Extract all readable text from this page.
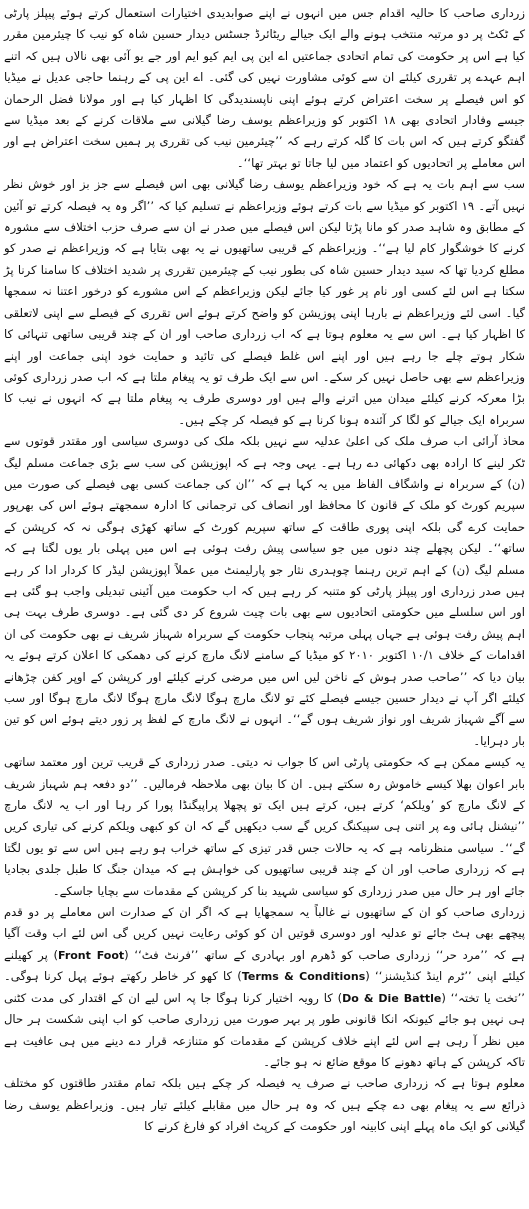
زرداری صاحب کا حالیہ اقدام جس میں انہوں نے اپنے صوابدیدی اختیارات استعمال کرتے ہوئے پیپلز پارٹی کے ٹکٹ پر دو مرتبہ منتخب ہونے والے ایک جیالے ریٹائرڈ جسٹس دیدار حسین شاہ کو نیب کا چیئرمین مقرر کیا ہے اس پر حکومت کی تمام اتحادی جماعتیں اے این پی ایم کیو ایم اور جے یو آئی بھی نالاں ہیں کہ اتنے اہم عہدے پر تقرری کیلئے ان سے کوئی مشاورت نہیں کی گئی۔ اے این پی کے رہنما حاجی عدیل نے میڈیا کو اس فیصلے پر سخت اعتراض کرتے ہوئے اپنی ناپسندیدگی کا اظہار کیا ہے اور مولانا فضل الرحمان جیسے وفادار اتحادی بھی ۱۸ اکتوبر کو وزیراعظم یوسف رضا گیلانی سے ملاقات کرنے کے بعد میڈیا سے گفتگو کرتے ہیں کہ اس بات کا گلہ کرتے رہے کہ ’’چیئرمین نیب کی تقرری پر ہمیں سخت اعتراض ہے اور اس معاملے پر اتحادیوں کو اعتماد میں لیا جاتا تو بہتر تھا‘‘۔

سب سے اہم بات یہ ہے کہ خود وزیراعظم یوسف رضا گیلانی بھی اس فیصلے سے جز بز اور خوش نظر نہیں آتے۔ ۱۹ اکتوبر کو میڈیا سے بات کرتے ہوئے وزیراعظم نے تسلیم کیا کہ ’’اگر وہ یہ فیصلہ کرتے تو آئین کے مطابق وہ شاہد صدر کو مانا پڑتا لیکن اس فیصلے میں صدر نے ان سے صرف حزب اختلاف سے مشورہ کرنے کا خوشگوار کام لیا ہے‘‘۔ وزیراعظم کے قریبی ساتھیوں نے یہ بھی بتایا ہے کہ وزیراعظم نے صدر کو مطلع کردیا تھا کہ سید دیدار حسین شاہ کی بطور نیب کے چیئرمین تقرری پر شدید اختلاف کا سامنا کرنا پڑ سکتا ہے اس لئے کسی اور نام پر غور کیا جائے لیکن وزیراعظم کے اس مشورے کو درخور اعتنا نہ سمجھا گیا۔ اسی لئے وزیراعظم نے بارہا اپنی پوزیشن کو واضح کرتے ہوئے اس تقرری کے فیصلے سے اپنی لاتعلقی کا اظہار کیا ہے۔ اس سے یہ معلوم ہوتا ہے کہ اب زرداری صاحب اور ان کے چند قریبی ساتھی تنہائی کا شکار ہوتے چلے جا رہے ہیں اور اپنے اس غلط فیصلے کی تائید و حمایت خود اپنی جماعت اور اپنے وزیراعظم سے بھی حاصل نہیں کر سکے۔ اس سے ایک طرف تو یہ پیغام ملتا ہے کہ اب صدر زرداری کوئی بڑا معرکہ کرنے کیلئے میدان میں اترنے والے ہیں اور دوسری طرف یہ پیغام ملتا ہے کہ انہوں نے نیب کا سربراہ ایک جیالے کو لگا کر آئندہ ہونا کرنا ہے کو فیصلہ کر چکے ہیں۔

محاذ آرائی اب صرف ملک کی اعلیٰ عدلیہ سے نہیں بلکہ ملک کی دوسری سیاسی اور مقتدر قوتوں سے ٹکر لینے کا ارادہ بھی دکھائی دے رہا ہے۔ یہی وجہ ہے کہ اپوزیشن کی سب سے بڑی جماعت مسلم لیگ (ن) کے سربراہ نے واشگاف الفاظ میں یہ کہا ہے کہ ’’ان کی جماعت کسی بھی فیصلے کی صورت میں سپریم کورٹ کو ملک کے قانون کا محافظ اور انصاف کی ترجمانی کا ادارہ سمجھتے ہوئے اس کی بھرپور حمایت کرے گی بلکہ اپنی پوری طاقت کے ساتھ سپریم کورٹ کے ساتھ کھڑی ہوگی نہ کہ کرپشن کے ساتھ‘‘۔ لیکن پچھلے چند دنوں میں جو سیاسی پیش رفت ہوئی ہے اس میں پہلی بار یوں لگتا ہے کہ مسلم لیگ (ن) کے اہم ترین رہنما چوہدری نثار جو پارلیمنٹ میں عملاً اپوزیشن لیڈر کا کردار ادا کر رہے ہیں صدر زرداری اور پیپلز پارٹی کو متنبہ کر رہے ہیں کہ اب حکومت میں آئینی تبدیلی واجب ہو گئی ہے اور اس سلسلے میں حکومتی اتحادیوں سے بھی بات چیت شروع کر دی گئی ہے۔ دوسری طرف بہت ہی اہم پیش رفت ہوئی ہے جہاں پہلی مرتبہ پنجاب حکومت کے سربراہ شہباز شریف نے بھی حکومت کی ان اقدامات کے خلاف ۱۰/۱ اکتوبر ۲۰۱۰ کو میڈیا کے سامنے لانگ مارچ کرنے کی دھمکی کا اعلان کرتے ہوئے یہ بیان دیا کہ ’’صاحب صدر ہوش کے ناخن لیں اس میں مرضی کرنے کیلئے اور کرپشن کے اوپر کفن چڑھانے کیلئے اگر آپ نے دیدار حسین جیسے فیصلے کئے تو لانگ مارچ ہوگا لانگ مارچ ہوگا لانگ مارچ ہوگا اور سب سے آگے شہباز شریف اور نواز شریف ہوں گے‘‘۔ انہوں نے لانگ مارچ کے لفظ پر زور دیتے ہوئے اس کو تین بار دہرایا۔

یہ کیسے ممکن ہے کہ حکومتی پارٹی اس کا جواب نہ دیتی۔ صدر زرداری کے قریب ترین اور معتمد ساتھی بابر اعوان بھلا کیسے خاموش رہ سکتے ہیں۔ ان کا بیان بھی ملاحظہ فرمالیں۔ ’’دو دفعہ ہم شہباز شریف کے لانگ مارچ کو ’ویلکم‘ کرتے ہیں، کرتے ہیں ایک تو پچھلا پراپیگنڈا پورا کر رہا اور اب یہ لانگ مارچ ’’نیشنل ہائی وے پر اتنی ہی سپیکنگ کریں گے سب دیکھیں گے کہ ان کو کبھی ویلکم کرنے کی تیاری کریں گے‘‘۔ سیاسی منظرنامہ ہے کہ یہ حالات جس قدر تیزی کے ساتھ خراب ہو رہے ہیں اس سے تو یوں لگتا ہے کہ زرداری صاحب اور ان کے چند قریبی ساتھیوں کی خواہش ہے کہ میدان جنگ کا طبل جلدی بجادیا جائے اور ہر حال میں صدر زرداری کو سیاسی شہید بنا کر کرپشن کے مقدمات سے بچایا جاسکے۔

زرداری صاحب کو ان کے ساتھیوں نے غالباً یہ سمجھایا ہے کہ اگر ان کے صدارت اس معاملے پر دو قدم پیچھے بھی ہٹ جائے تو عدلیہ اور دوسری قوتیں ان کو کوئی رعایت نہیں کریں گی اس لئے اب وقت آگیا ہے کہ ’’مرد حر‘‘ زرداری صاحب کو ڈھرم اور بہادری کے ساتھ ’’فرنٹ فٹ‘‘ (Front Foot) پر کھیلنے کیلئے اپنی ’’ٹرم اینڈ کنڈیشنز‘‘ (Terms & Conditions) کا کھو کر خاطر رکھتے ہوئے پہل کرنا ہوگی۔ ’’تخت یا تختہ‘‘ (Do & Die Battle) کا رویہ اختیار کرنا ہوگا جا پہ اس لیے ان کے اقتدار کی مدت کٹنی ہی نہیں ہو جائے کیونکہ انکا قانونی طور پر بہر صورت میں زرداری صاحب کو اب اپنی شکست ہر حال میں نظر آ رہی ہے اس لئے اپنے خلاف کرپشن کے مقدمات کو متنازعہ قرار دے دینے میں ہی عافیت ہے تاکہ کرپشن کے ہاتھ دھونے کا موقع ضائع نہ ہو جائے۔

معلوم ہوتا ہے کہ زرداری صاحب نے صرف یہ فیصلہ کر چکے ہیں بلکہ تمام مقتدر طاقتوں کو مختلف ذرائع سے یہ پیغام بھی دے چکے ہیں کہ وہ ہر حال میں مقابلے کیلئے تیار ہیں۔ وزیراعظم یوسف رضا گیلانی کو ایک ماہ پہلے اپنی کابینہ اور حکومت کے کرپٹ افراد کو فارغ کرنے کا
